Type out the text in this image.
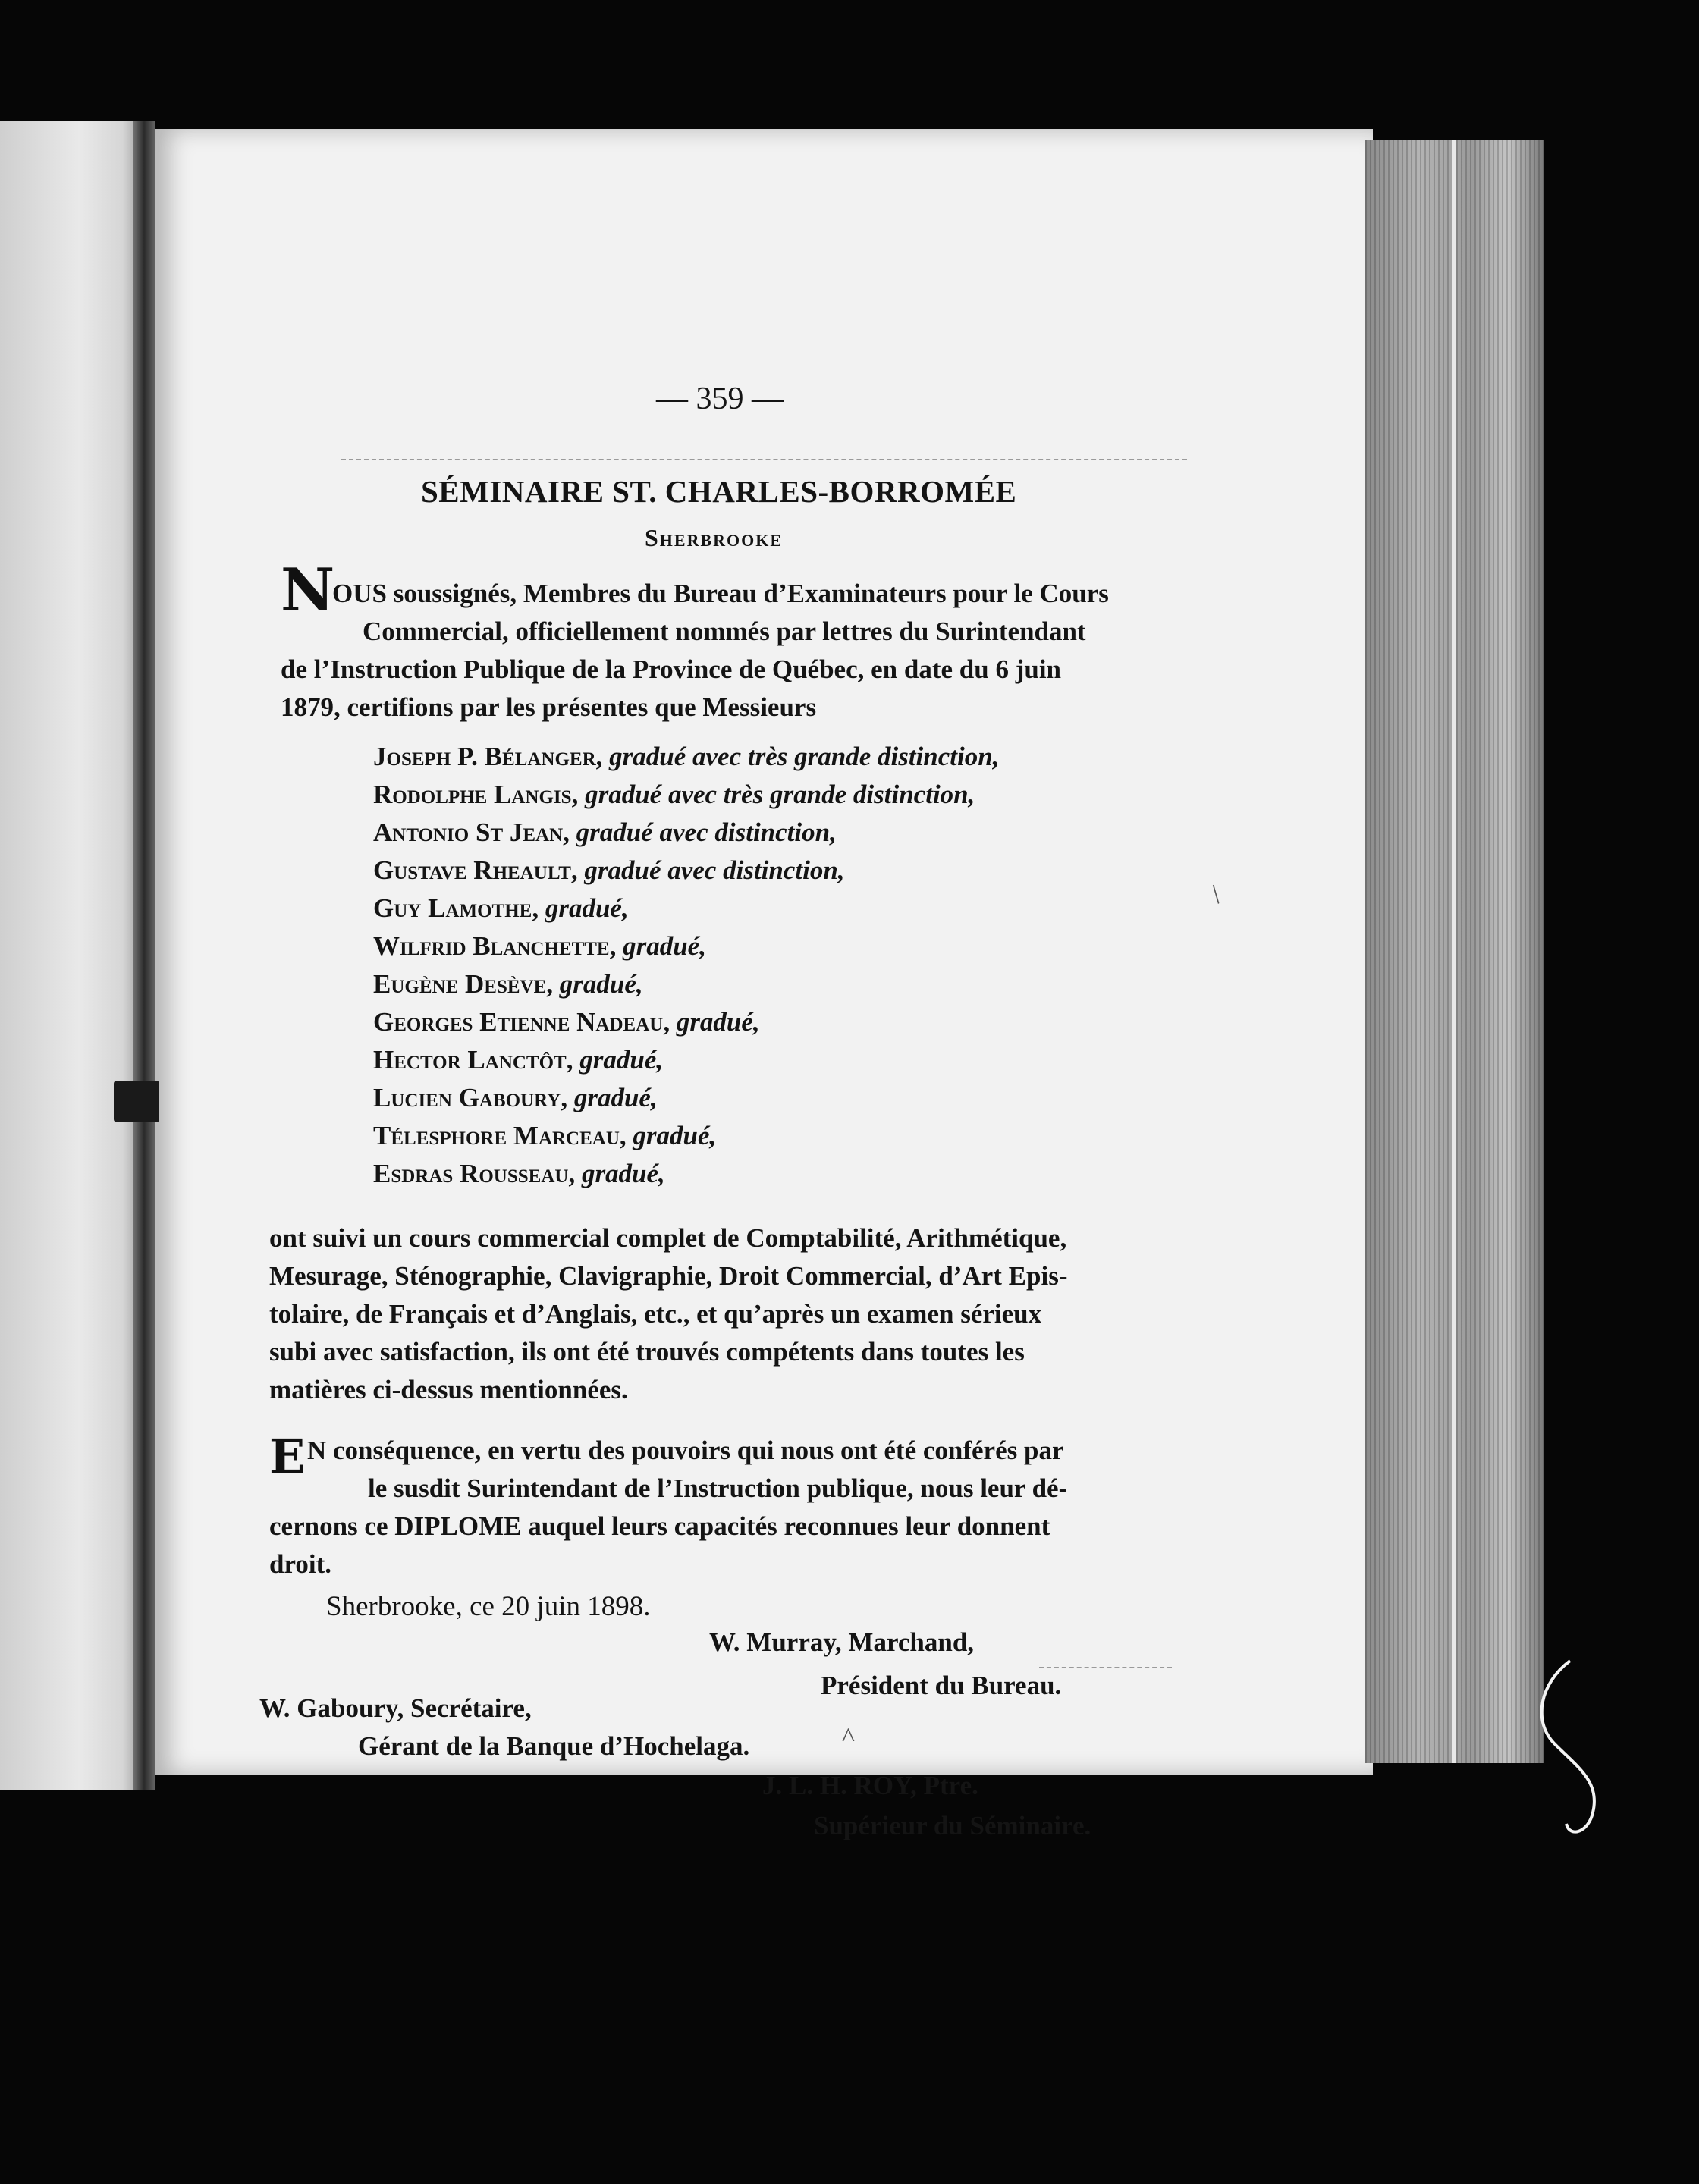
— 359 —
SÉMINAIRE ST. CHARLES-BORROMÉE
Sherbrooke
N
OUS soussignés, Membres du Bureau d’Examinateurs pour le Cours
Commercial, officiellement nommés par lettres du Surintendant
de l’Instruction Publique de la Province de Québec, en date du 6 juin
1879, certifions par les présentes que Messieurs
Joseph P. Bélanger, gradué avec très grande distinction,
Rodolphe Langis, gradué avec très grande distinction,
Antonio St Jean, gradué avec distinction,
Gustave Rheault, gradué avec distinction,
Guy Lamothe, gradué,
Wilfrid Blanchette, gradué,
Eugène Desève, gradué,
Georges Etienne Nadeau, gradué,
Hector Lanctôt, gradué,
Lucien Gaboury, gradué,
Télesphore Marceau, gradué,
Esdras Rousseau, gradué,
ont suivi un cours commercial complet de Comptabilité, Arithmétique,
Mesurage, Sténographie, Clavigraphie, Droit Commercial, d’Art Epis-
tolaire, de Français et d’Anglais, etc., et qu’après un examen sérieux
subi avec satisfaction, ils ont été trouvés compétents dans toutes les
matières ci-dessus mentionnées.
E N conséquence, en vertu des pouvoirs qui nous ont été conférés par
le susdit Surintendant de l’Instruction publique, nous leur dé-
cernons ce DIPLOME auquel leurs capacités reconnues leur donnent
droit.
Sherbrooke, ce 20 juin 1898.
W. Murray, Marchand,
Président du Bureau.
W. Gaboury, Secrétaire,
Gérant de la Banque d’Hochelaga.
J. L. H. ROY, Ptre.
Supérieur du Séminaire.
/
^
